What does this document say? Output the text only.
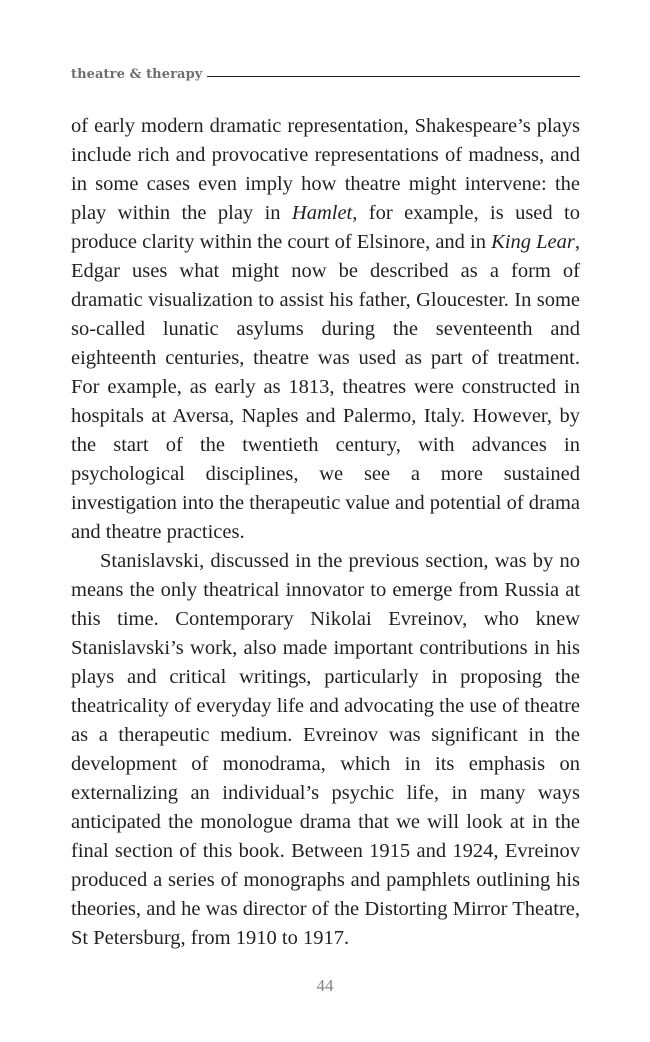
theatre & therapy

of early modern dramatic representation, Shakespeare’s plays include rich and provocative representations of madness, and in some cases even imply how theatre might intervene: the play within the play in Hamlet, for example, is used to produce clarity within the court of Elsinore, and in King Lear, Edgar uses what might now be described as a form of dramatic visualization to assist his father, Gloucester. In some so-called lunatic asylums during the seventeenth and eighteenth centuries, theatre was used as part of treatment. For example, as early as 1813, theatres were constructed in hospitals at Aversa, Naples and Palermo, Italy. However, by the start of the twentieth century, with advances in psychological disciplines, we see a more sustained investigation into the therapeutic value and potential of drama and theatre practices.

Stanislavski, discussed in the previous section, was by no means the only theatrical innovator to emerge from Russia at this time. Contemporary Nikolai Evreinov, who knew Stanislavski’s work, also made important contributions in his plays and critical writings, particularly in proposing the theatricality of everyday life and advocating the use of theatre as a therapeutic medium. Evreinov was significant in the development of monodrama, which in its emphasis on externalizing an individual’s psychic life, in many ways anticipated the monologue drama that we will look at in the final section of this book. Between 1915 and 1924, Evreinov produced a series of monographs and pamphlets outlining his theories, and he was director of the Distorting Mirror Theatre, St Petersburg, from 1910 to 1917.

44
